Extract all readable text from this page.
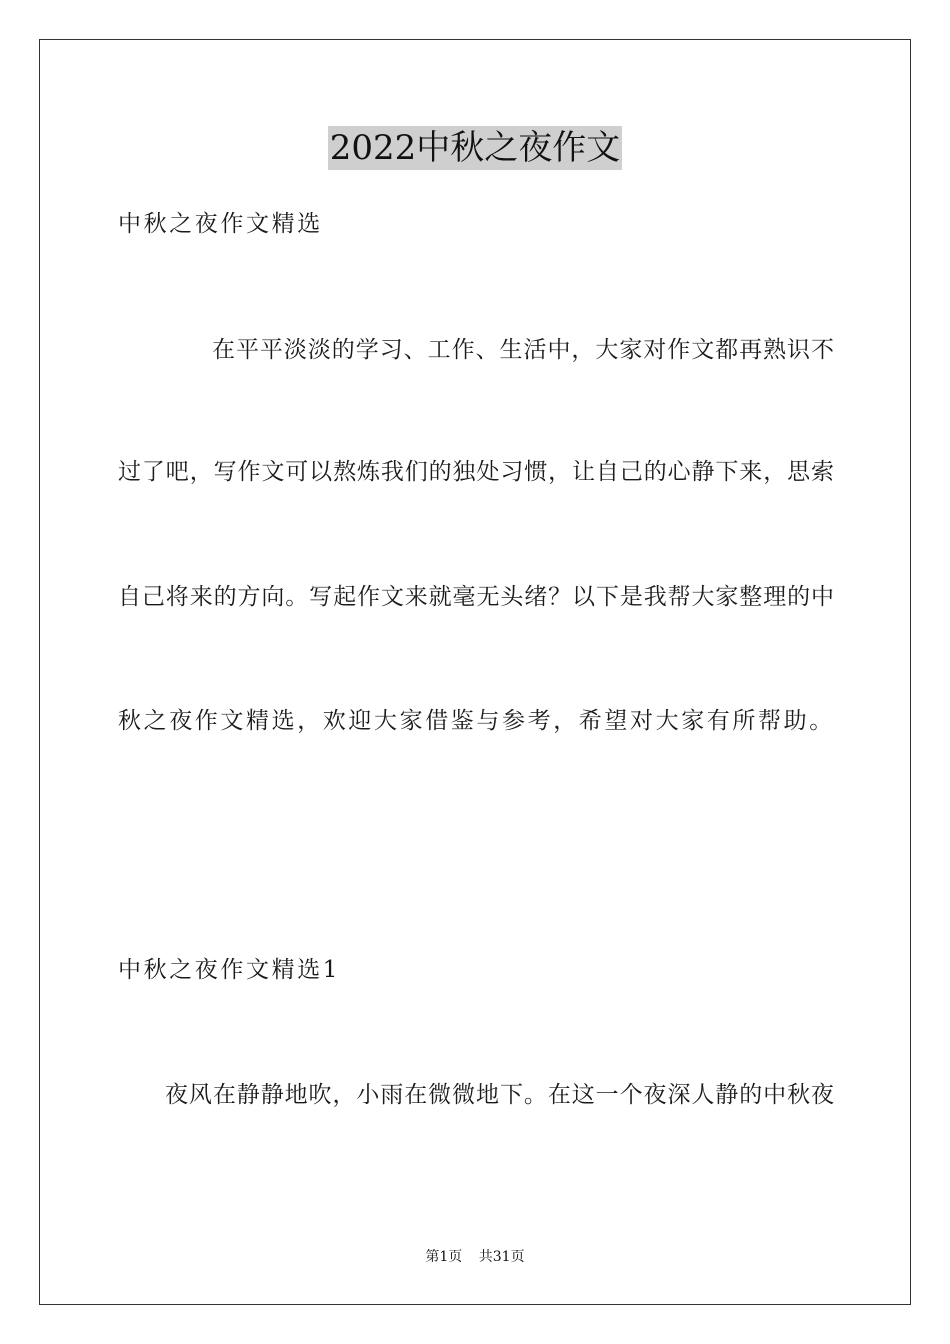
2022中秋之夜作文
中秋之夜作文精选
在平平淡淡的学习、工作、生活中，大家对作文都再熟识不
过了吧，写作文可以熬炼我们的独处习惯，让自己的心静下来，思索
自己将来的方向。写起作文来就毫无头绪？以下是我帮大家整理的中
秋之夜作文精选，欢迎大家借鉴与参考，希望对大家有所帮助。
中秋之夜作文精选1
夜风在静静地吹，小雨在微微地下。在这一个夜深人静的中秋夜
第1页 共31页
